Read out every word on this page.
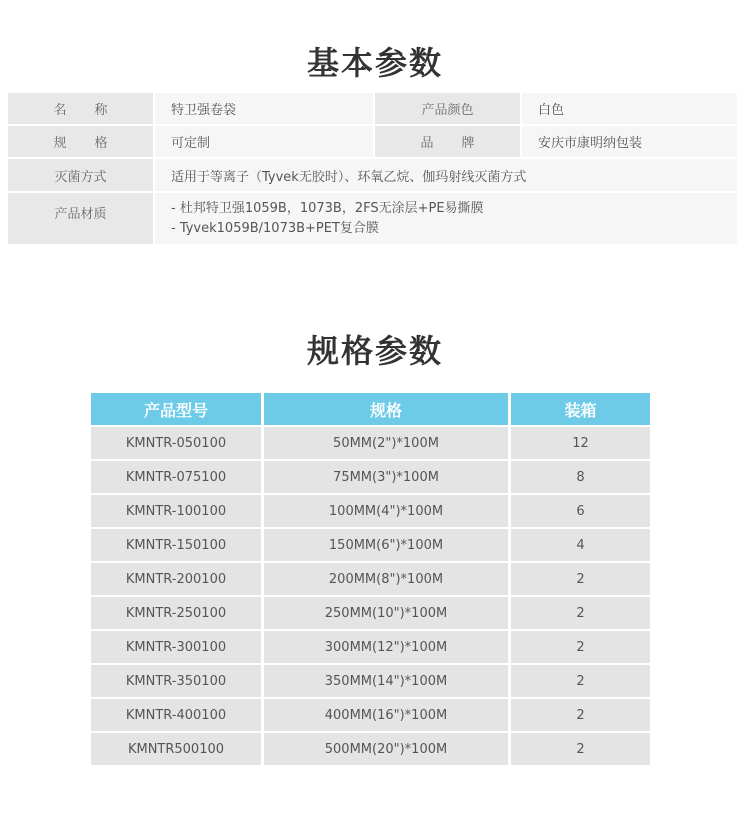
基本参数
名称	特卫强卷袋	产品颜色	白色
规格	可定制	品牌	安庆市康明纳包装
灭菌方式	适用于等离子（Tyvek无胶时）、环氧乙烷、伽玛射线灭菌方式
产品材质	- 杜邦特卫强1059B，1073B，2FS无涂层+PE易撕膜
- Tyvek1059B/1073B+PET复合膜
规格参数
产品型号	规格	装箱
KMNTR-050100	50MM(2")*100M	12
KMNTR-075100	75MM(3")*100M	8
KMNTR-100100	100MM(4")*100M	6
KMNTR-150100	150MM(6")*100M	4
KMNTR-200100	200MM(8")*100M	2
KMNTR-250100	250MM(10")*100M	2
KMNTR-300100	300MM(12")*100M	2
KMNTR-350100	350MM(14")*100M	2
KMNTR-400100	400MM(16")*100M	2
KMNTR500100	500MM(20")*100M	2
